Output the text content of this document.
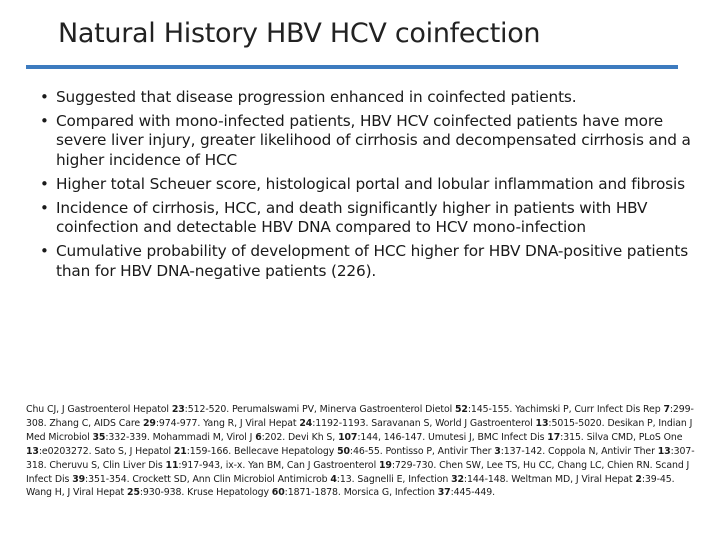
Natural History HBV HCV coinfection
• Suggested that disease progression enhanced in coinfected patients.
• Compared with mono-infected patients, HBV HCV coinfected patients have more severe liver injury, greater likelihood of cirrhosis and decompensated cirrhosis and a higher incidence of HCC
• Higher total Scheuer score, histological portal and lobular inflammation and fibrosis
• Incidence of cirrhosis, HCC, and death significantly higher in patients with HBV coinfection and detectable HBV DNA compared to HCV mono-infection
• Cumulative probability of development of HCC higher for HBV DNA-positive patients than for HBV DNA-negative patients (226).
Chu CJ, J Gastroenterol Hepatol 23:512-520. Perumalswami PV, Minerva Gastroenterol Dietol 52:145-155. Yachimski P, Curr Infect Dis Rep 7:299-308. Zhang C, AIDS Care 29:974-977. Yang R, J Viral Hepat 24:1192-1193. Saravanan S, World J Gastroenterol 13:5015-5020. Desikan P, Indian J Med Microbiol 35:332-339. Mohammadi M, Virol J 6:202. Devi Kh S, 107:144, 146-147. Umutesi J, BMC Infect Dis 17:315. Silva CMD, PLoS One 13:e0203272. Sato S, J Hepatol 21:159-166. Bellecave Hepatology 50:46-55. Pontisso P, Antivir Ther 3:137-142. Coppola N, Antivir Ther 13:307-318. Cheruvu S, Clin Liver Dis 11:917-943, ix-x. Yan BM, Can J Gastroenterol 19:729-730. Chen SW, Lee TS, Hu CC, Chang LC, Chien RN. Scand J Infect Dis 39:351-354. Crockett SD, Ann Clin Microbiol Antimicrob 4:13. Sagnelli E, Infection 32:144-148. Weltman MD, J Viral Hepat 2:39-45. Wang H, J Viral Hepat 25:930-938. Kruse Hepatology 60:1871-1878. Morsica G, Infection 37:445-449.
